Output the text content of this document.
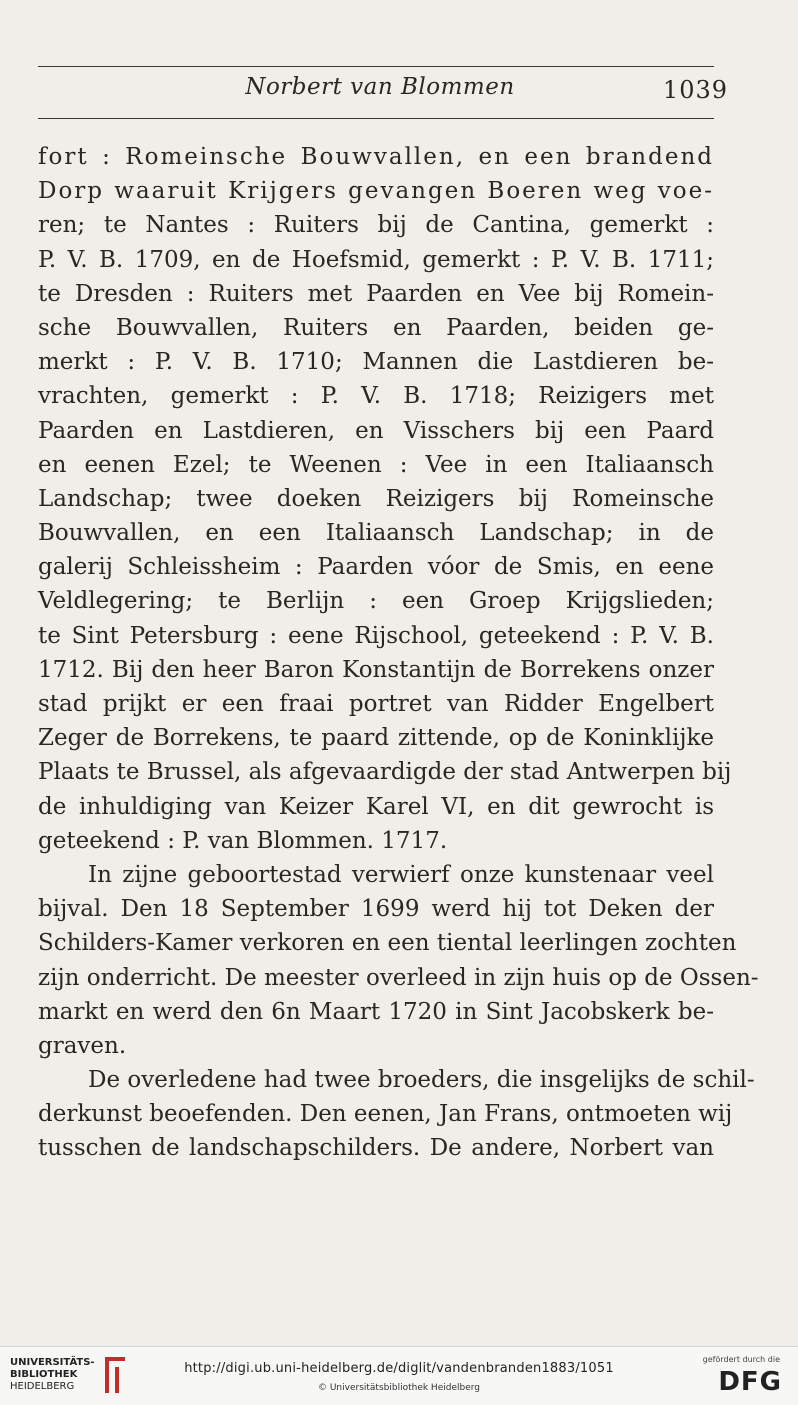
Norbert van Blommen	1039
fort : Romeinsche Bouwvallen, en een brandend
Dorp waaruit Krijgers gevangen Boeren weg voe-
ren; te Nantes : Ruiters bij de Cantina, gemerkt :
P. V. B. 1709, en de Hoefsmid, gemerkt : P. V. B. 1711;
te Dresden : Ruiters met Paarden en Vee bij Romein-
sche Bouwvallen, Ruiters en Paarden, beiden ge-
merkt : P. V. B. 1710; Mannen die Lastdieren be-
vrachten, gemerkt : P. V. B. 1718; Reizigers met
Paarden en Lastdieren, en Visschers bij een Paard
en eenen Ezel; te Weenen : Vee in een Italiaansch
Landschap; twee doeken Reizigers bij Romeinsche
Bouwvallen, en een Italiaansch Landschap; in de
galerij Schleissheim : Paarden vóor de Smis, en eene
Veldlegering; te Berlijn : een Groep Krijgslieden;
te Sint Petersburg : eene Rijschool, geteekend : P. V. B.
1712. Bij den heer Baron Konstantijn de Borrekens onzer
stad prijkt er een fraai portret van Ridder Engelbert
Zeger de Borrekens, te paard zittende, op de Koninklijke
Plaats te Brussel, als afgevaardigde der stad Antwerpen bij
de inhuldiging van Keizer Karel VI, en dit gewrocht is
geteekend : P. van Blommen. 1717.
In zijne geboortestad verwierf onze kunstenaar veel
bijval. Den 18 September 1699 werd hij tot Deken der
Schilders-Kamer verkoren en een tiental leerlingen zochten
zijn onderricht. De meester overleed in zijn huis op de Ossen-
markt en werd den 6n Maart 1720 in Sint Jacobskerk be-
graven.
De overledene had twee broeders, die insgelijks de schil-
derkunst beoefenden. Den eenen, Jan Frans, ontmoeten wij
tusschen de landschapschilders. De andere, Norbert van
UNIVERSITÄTS-
BIBLIOTHEK
HEIDELBERG
http://digi.ub.uni-heidelberg.de/diglit/vandenbranden1883/1051
© Universitätsbibliothek Heidelberg
gefördert durch die
DFG
